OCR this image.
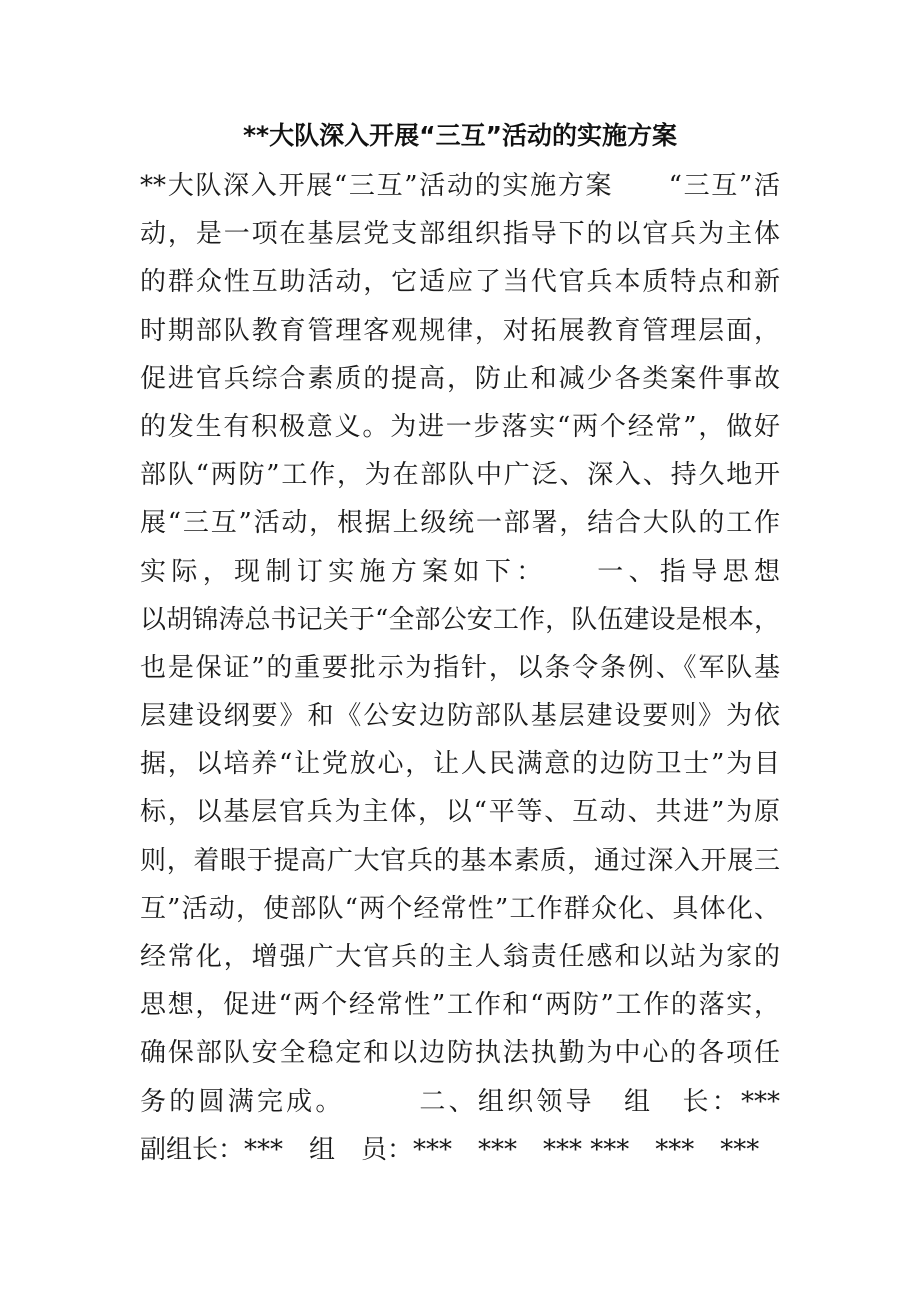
**大队深入开展“三互”活动的实施方案
**大队深入开展“三互”活动的实施方案　　“三互”活
动，是一项在基层党支部组织指导下的以官兵为主体
的群众性互助活动，它适应了当代官兵本质特点和新
时期部队教育管理客观规律，对拓展教育管理层面，
促进官兵综合素质的提高，防止和减少各类案件事故
的发生有积极意义。为进一步落实“两个经常”，做好
部队“两防”工作，为在部队中广泛、深入、持久地开
展“三互”活动，根据上级统一部署，结合大队的工作
实际，现制订实施方案如下：　　一、指导思想
以胡锦涛总书记关于“全部公安工作，队伍建设是根本，
也是保证”的重要批示为指针，以条令条例、《军队基
层建设纲要》和《公安边防部队基层建设要则》为依
据，以培养“让党放心，让人民满意的边防卫士”为目
标，以基层官兵为主体，以“平等、互动、共进”为原
则，着眼于提高广大官兵的基本素质，通过深入开展三
互”活动，使部队“两个经常性”工作群众化、具体化、
经常化，增强广大官兵的主人翁责任感和以站为家的
思想，促进“两个经常性”工作和“两防”工作的落实，
确保部队安全稳定和以边防执法执勤为中心的各项任
务的圆满完成。　　　二、组织领导　组　长：***
副组长：***　组　员：***　***　*** ***　***　***
